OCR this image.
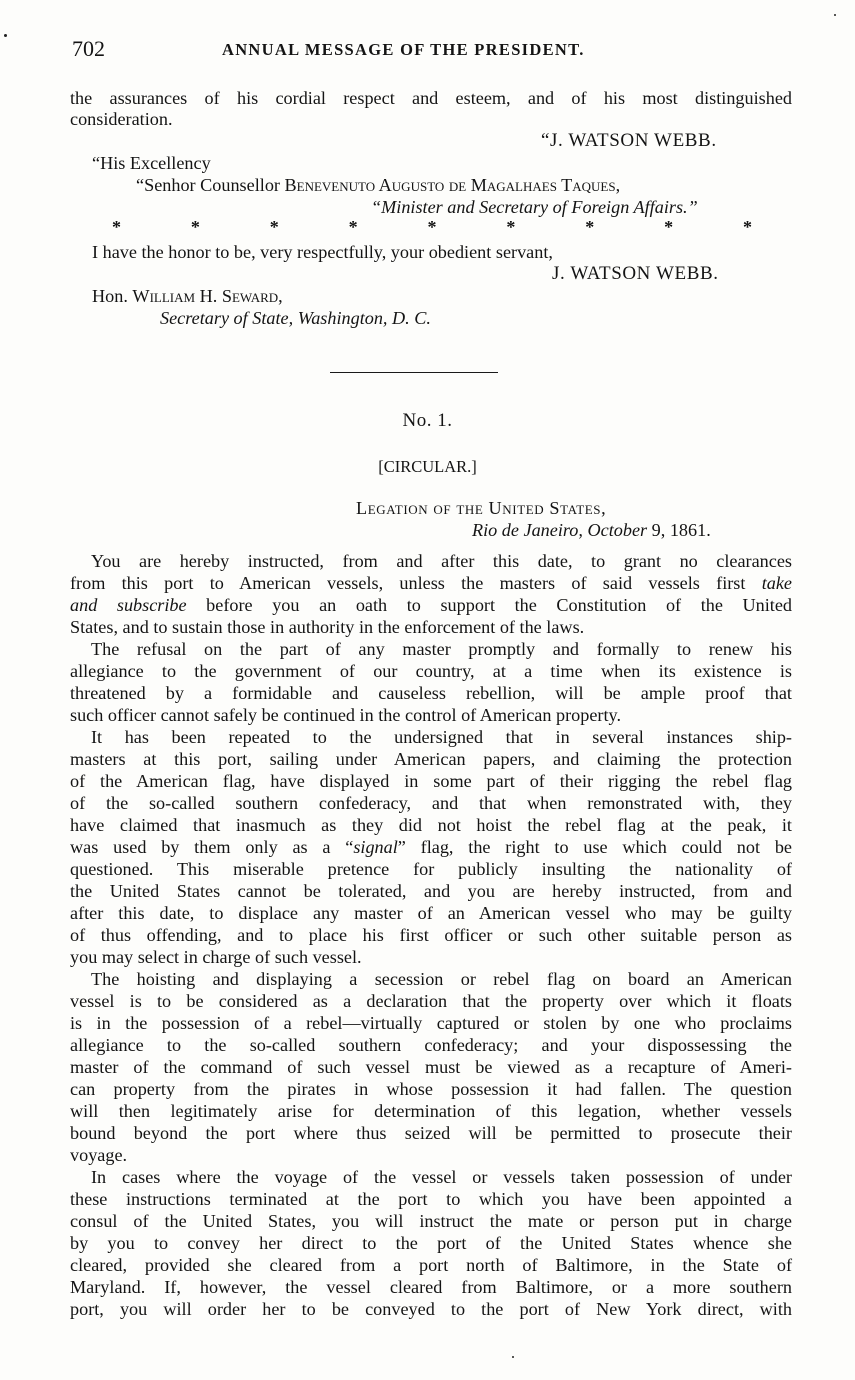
702	ANNUAL MESSAGE OF THE PRESIDENT.
the assurances of his cordial respect and esteem, and of his most distinguished
consideration.
“J. WATSON WEBB.
“His Excellency
“Senhor Counsellor Benevenuto Augusto de Magalhaes Taques,
“Minister and Secretary of Foreign Affairs.”
*	*	*	*	*	*	*	*	*
I have the honor to be, very respectfully, your obedient servant,
J. WATSON WEBB.
Hon. William H. Seward,
Secretary of State, Washington, D. C.
No. 1.
[CIRCULAR.]
Legation of the United States,
Rio de Janeiro, October 9, 1861.
You are hereby instructed, from and after this date, to grant no clearances
from this port to American vessels, unless the masters of said vessels first take
and subscribe before you an oath to support the Constitution of the United
States, and to sustain those in authority in the enforcement of the laws.
The refusal on the part of any master promptly and formally to renew his
allegiance to the government of our country, at a time when its existence is
threatened by a formidable and causeless rebellion, will be ample proof that
such officer cannot safely be continued in the control of American property.
It has been repeated to the undersigned that in several instances ship-
masters at this port, sailing under American papers, and claiming the protection
of the American flag, have displayed in some part of their rigging the rebel flag
of the so-called southern confederacy, and that when remonstrated with, they
have claimed that inasmuch as they did not hoist the rebel flag at the peak, it
was used by them only as a “signal” flag, the right to use which could not be
questioned. This miserable pretence for publicly insulting the nationality of
the United States cannot be tolerated, and you are hereby instructed, from and
after this date, to displace any master of an American vessel who may be guilty
of thus offending, and to place his first officer or such other suitable person as
you may select in charge of such vessel.
The hoisting and displaying a secession or rebel flag on board an American
vessel is to be considered as a declaration that the property over which it floats
is in the possession of a rebel—virtually captured or stolen by one who proclaims
allegiance to the so-called southern confederacy; and your dispossessing the
master of the command of such vessel must be viewed as a recapture of Ameri-
can property from the pirates in whose possession it had fallen. The question
will then legitimately arise for determination of this legation, whether vessels
bound beyond the port where thus seized will be permitted to prosecute their
voyage.
In cases where the voyage of the vessel or vessels taken possession of under
these instructions terminated at the port to which you have been appointed a
consul of the United States, you will instruct the mate or person put in charge
by you to convey her direct to the port of the United States whence she
cleared, provided she cleared from a port north of Baltimore, in the State of
Maryland. If, however, the vessel cleared from Baltimore, or a more southern
port, you will order her to be conveyed to the port of New York direct, with
